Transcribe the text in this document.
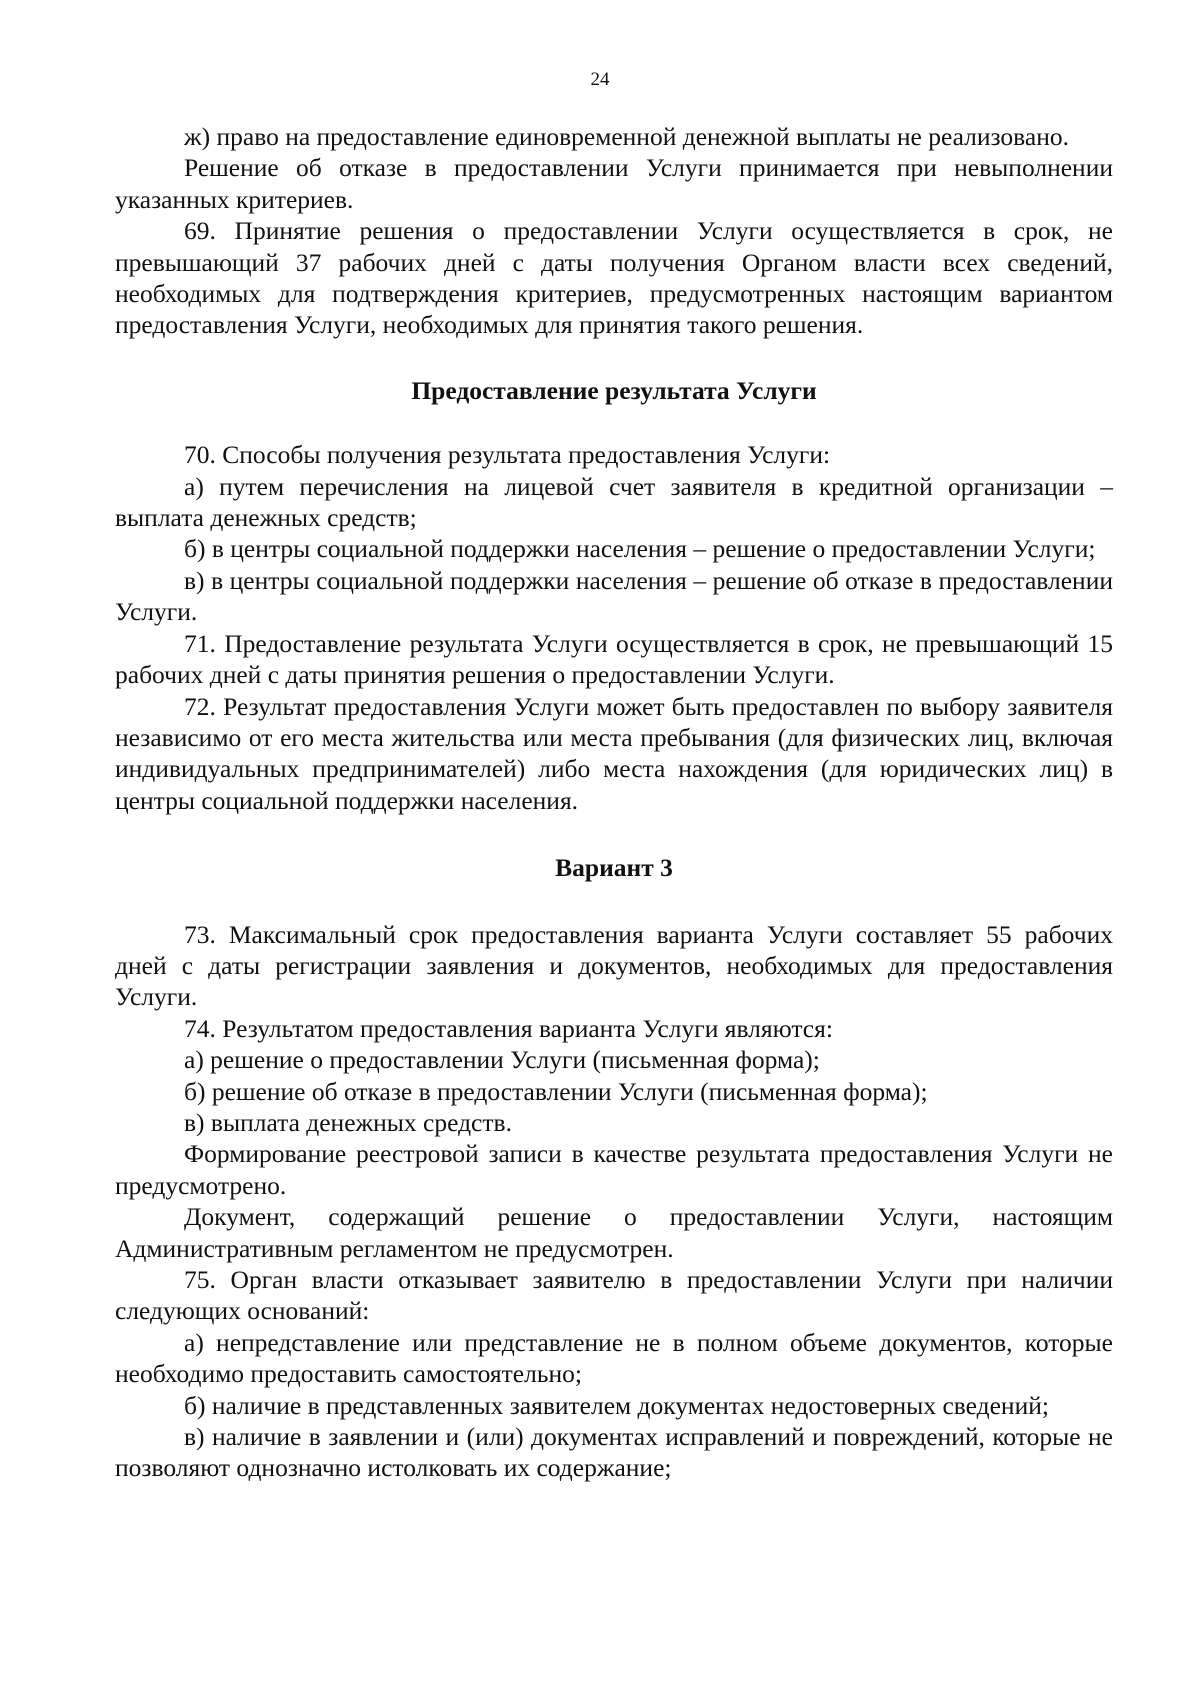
24

ж) право на предоставление единовременной денежной выплаты не реализовано.

Решение об отказе в предоставлении Услуги принимается при невыполнении указанных критериев.

69. Принятие решения о предоставлении Услуги осуществляется в срок, не превышающий 37 рабочих дней с даты получения Органом власти всех сведений, необходимых для подтверждения критериев, предусмотренных настоящим вариантом предоставления Услуги, необходимых для принятия такого решения.

Предоставление результата Услуги

70. Способы получения результата предоставления Услуги:

а) путем перечисления на лицевой счет заявителя в кредитной организации – выплата денежных средств;

б) в центры социальной поддержки населения – решение о предоставлении Услуги;

в) в центры социальной поддержки населения – решение об отказе в предоставлении Услуги.

71. Предоставление результата Услуги осуществляется в срок, не превышающий 15 рабочих дней с даты принятия решения о предоставлении Услуги.

72. Результат предоставления Услуги может быть предоставлен по выбору заявителя независимо от его места жительства или места пребывания (для физических лиц, включая индивидуальных предпринимателей) либо места нахождения (для юридических лиц) в центры социальной поддержки населения.

Вариант 3

73. Максимальный срок предоставления варианта Услуги составляет 55 рабочих дней с даты регистрации заявления и документов, необходимых для предоставления Услуги.

74. Результатом предоставления варианта Услуги являются:

а) решение о предоставлении Услуги (письменная форма);

б) решение об отказе в предоставлении Услуги (письменная форма);

в) выплата денежных средств.

Формирование реестровой записи в качестве результата предоставления Услуги не предусмотрено.

Документ, содержащий решение о предоставлении Услуги, настоящим Административным регламентом не предусмотрен.

75. Орган власти отказывает заявителю в предоставлении Услуги при наличии следующих оснований:

а) непредставление или представление не в полном объеме документов, которые необходимо предоставить самостоятельно;

б) наличие в представленных заявителем документах недостоверных сведений;

в) наличие в заявлении и (или) документах исправлений и повреждений, которые не позволяют однозначно истолковать их содержание;
